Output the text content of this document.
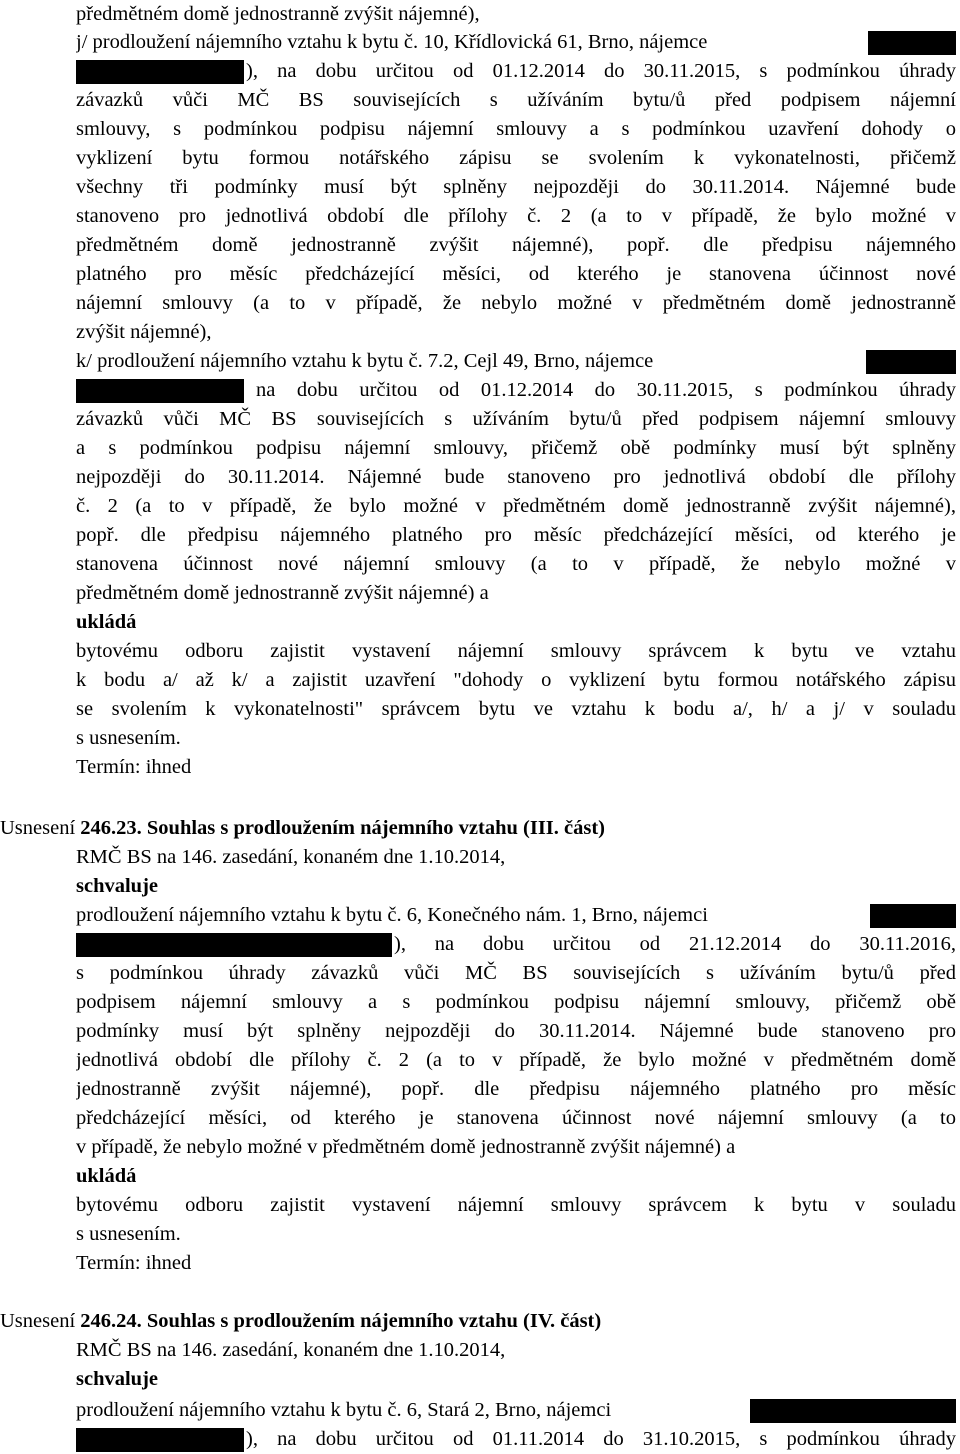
předmětném domě jednostranně zvýšit nájemné),
j/ prodloužení nájemního vztahu k bytu č. 10, Křídlovická 61, Brno, nájemce
), na dobu určitou od 01.12.2014 do 30.11.2015, s podmínkou úhrady
závazků vůči MČ BS souvisejících s užíváním bytu/ů před podpisem nájemní
smlouvy, s podmínkou podpisu nájemní smlouvy a s podmínkou uzavření dohody o
vyklizení bytu formou notářského zápisu se svolením k vykonatelnosti, přičemž
všechny tři podmínky musí být splněny nejpozději do 30.11.2014. Nájemné bude
stanoveno pro jednotlivá období dle přílohy č. 2 (a to v případě, že bylo možné v
předmětném domě jednostranně zvýšit nájemné), popř. dle předpisu nájemného
platného pro měsíc předcházející měsíci, od kterého je stanovena účinnost nové
nájemní smlouvy (a to v případě, že nebylo možné v předmětném domě jednostranně
zvýšit nájemné),
k/ prodloužení nájemního vztahu k bytu č. 7.2, Cejl 49, Brno, nájemce
na dobu určitou od 01.12.2014 do 30.11.2015, s podmínkou úhrady
závazků vůči MČ BS souvisejících s užíváním bytu/ů před podpisem nájemní smlouvy
a s podmínkou podpisu nájemní smlouvy, přičemž obě podmínky musí být splněny
nejpozději do 30.11.2014. Nájemné bude stanoveno pro jednotlivá období dle přílohy
č. 2 (a to v případě, že bylo možné v předmětném domě jednostranně zvýšit nájemné),
popř. dle předpisu nájemného platného pro měsíc předcházející měsíci, od kterého je
stanovena účinnost nové nájemní smlouvy (a to v případě, že nebylo možné v
předmětném domě jednostranně zvýšit nájemné) a
ukládá
bytovému odboru zajistit vystavení nájemní smlouvy správcem k bytu ve vztahu
k bodu a/ až k/ a zajistit uzavření "dohody o vyklizení bytu formou notářského zápisu
se svolením k vykonatelnosti" správcem bytu ve vztahu k bodu a/, h/ a j/ v souladu
s usnesením.
Termín: ihned
Usnesení 246.23. Souhlas s prodloužením nájemního vztahu (III. část)
RMČ BS na 146. zasedání, konaném dne 1.10.2014,
schvaluje
prodloužení nájemního vztahu k bytu č. 6, Konečného nám. 1, Brno, nájemci
), na dobu určitou od 21.12.2014 do 30.11.2016,
s podmínkou úhrady závazků vůči MČ BS souvisejících s užíváním bytu/ů před
podpisem nájemní smlouvy a s podmínkou podpisu nájemní smlouvy, přičemž obě
podmínky musí být splněny nejpozději do 30.11.2014. Nájemné bude stanoveno pro
jednotlivá období dle přílohy č. 2 (a to v případě, že bylo možné v předmětném domě
jednostranně zvýšit nájemné), popř. dle předpisu nájemného platného pro měsíc
předcházející měsíci, od kterého je stanovena účinnost nové nájemní smlouvy (a to
v případě, že nebylo možné v předmětném domě jednostranně zvýšit nájemné) a
ukládá
bytovému odboru zajistit vystavení nájemní smlouvy správcem k bytu v souladu
s usnesením.
Termín: ihned
Usnesení 246.24. Souhlas s prodloužením nájemního vztahu (IV. část)
RMČ BS na 146. zasedání, konaném dne 1.10.2014,
schvaluje
prodloužení nájemního vztahu k bytu č. 6, Stará 2, Brno, nájemci
), na dobu určitou od 01.11.2014 do 31.10.2015, s podmínkou úhrady
